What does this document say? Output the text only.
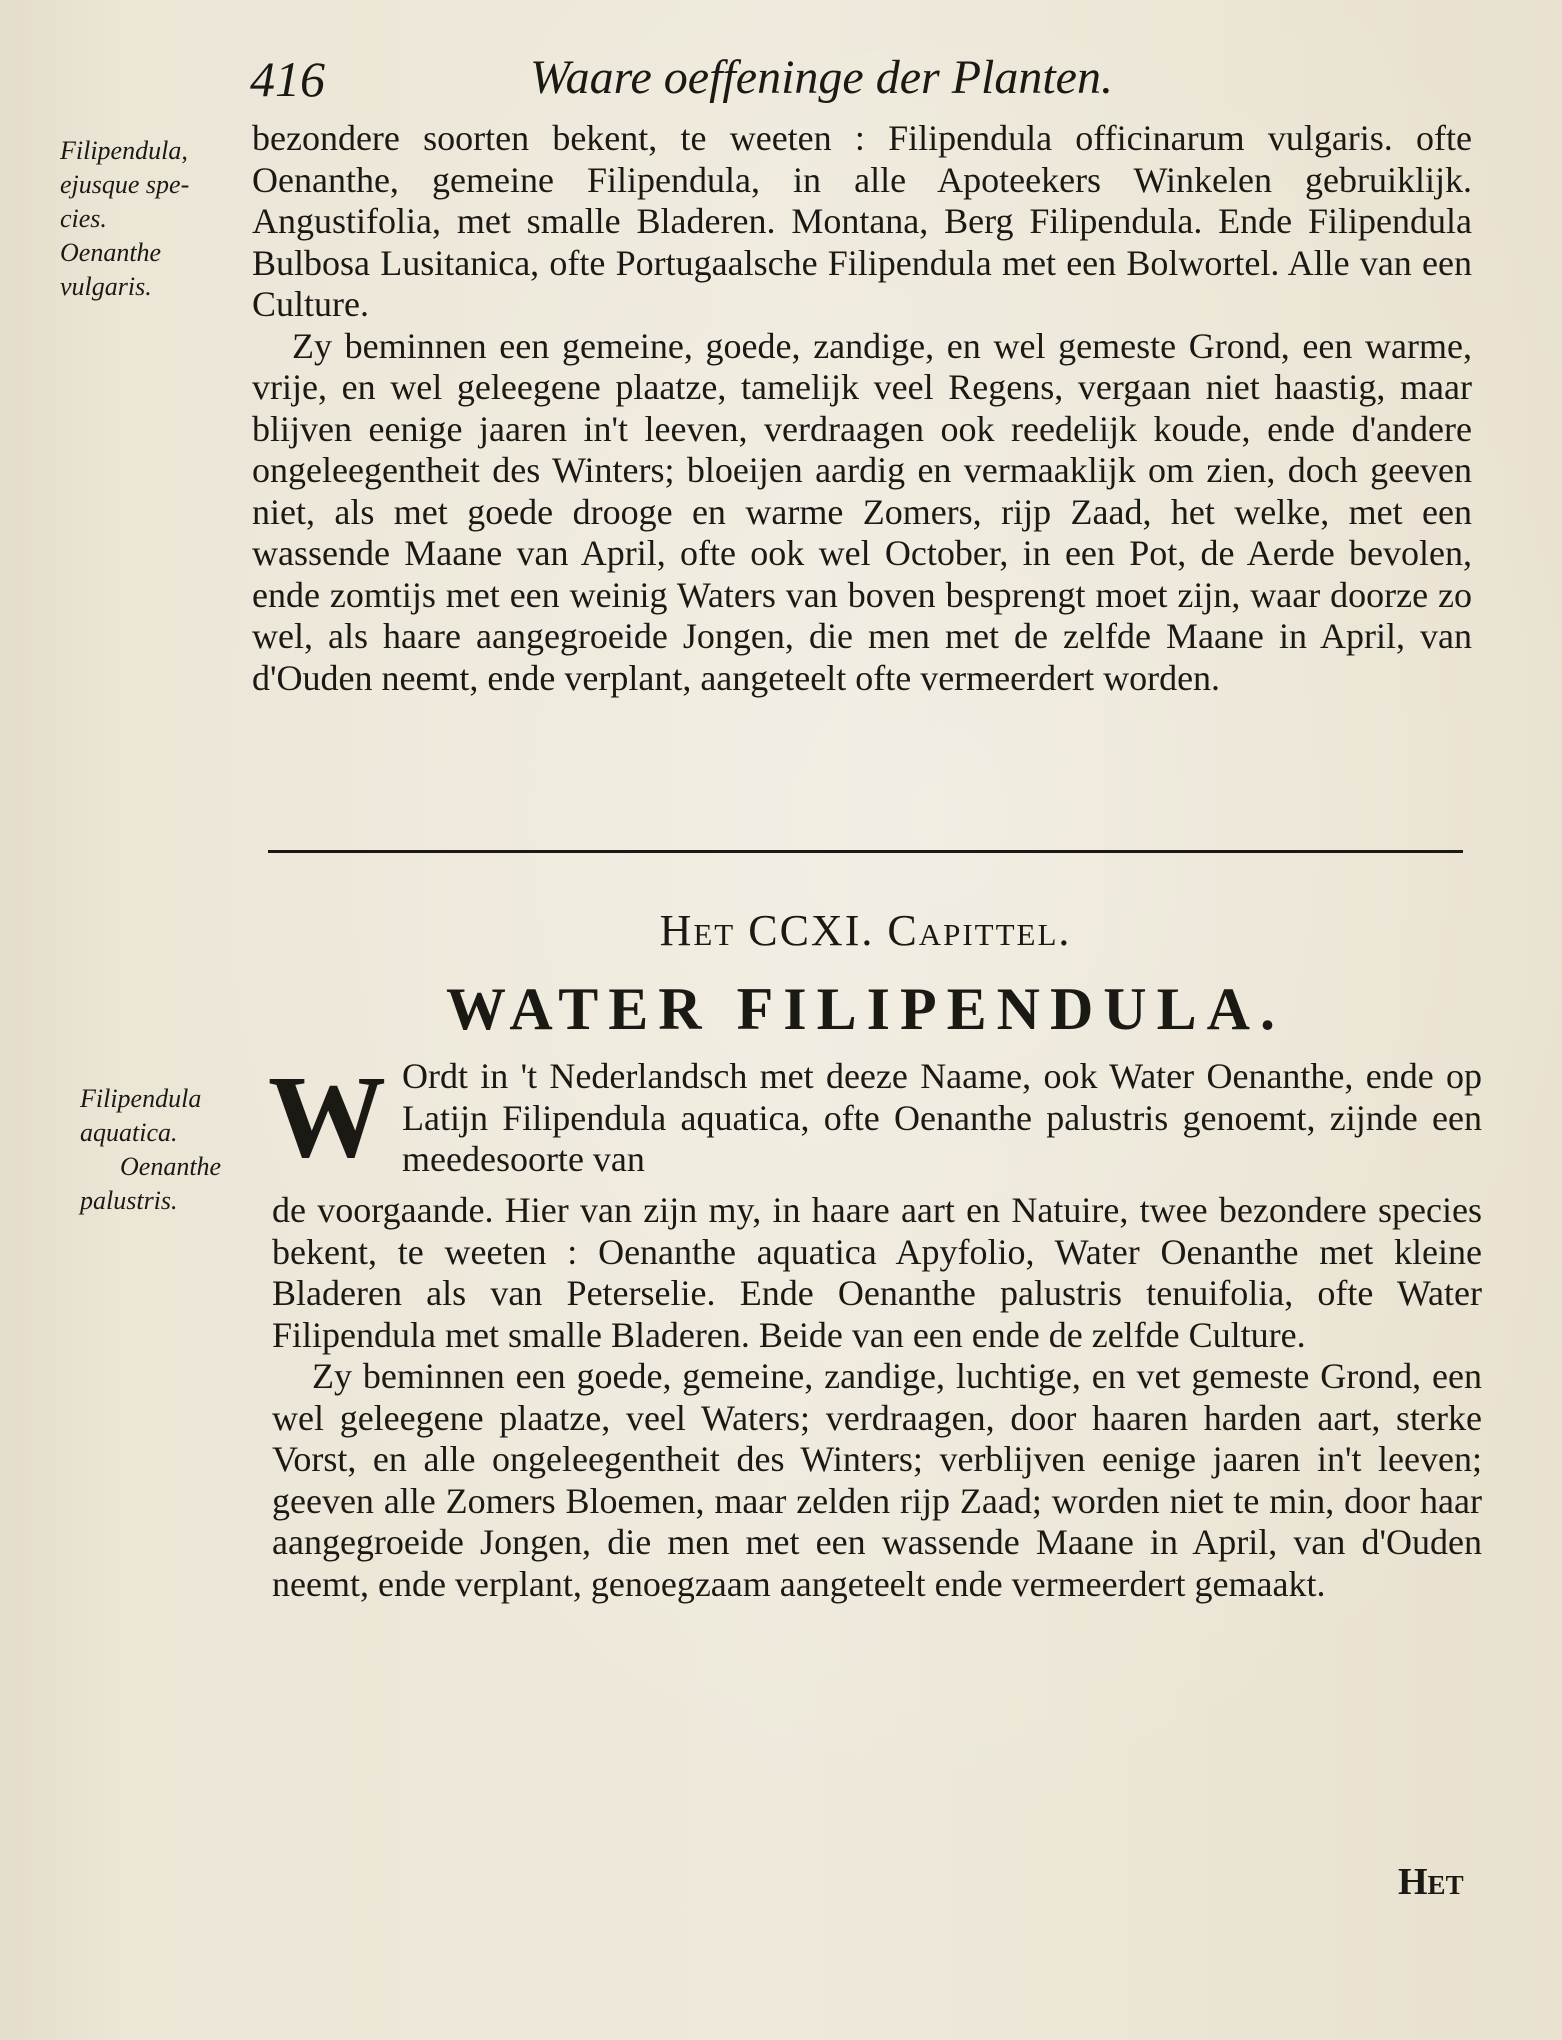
416	Waare oeffeninge der Planten.
Filipendula,
ejusque spe-
cies.
Oenanthe
vulgaris.

bezondere soorten bekent, te weeten : Filipendula officinarum vulgaris. ofte Oenanthe, gemeine Filipendula, in alle Apoteekers Winkelen gebruiklijk. Angustifolia, met smalle Bladeren. Montana, Berg Filipendula. Ende Filipendula Bulbosa Lusitanica, ofte Portugaalsche Filipendula met een Bolwortel. Alle van een Culture.

Zy beminnen een gemeine, goede, zandige, en wel gemeste Grond, een warme, vrije, en wel geleegene plaatze, tamelijk veel Regens, vergaan niet haastig, maar blijven eenige jaaren in't leeven, verdraagen ook reedelijk koude, ende d'andere ongeleegentheit des Winters; bloeijen aardig en vermaaklijk om zien, doch geeven niet, als met goede drooge en warme Zomers, rijp Zaad, het welke, met een wassende Maane van April, ofte ook wel October, in een Pot, de Aerde bevolen, ende zomtijs met een weinig Waters van boven besprengt moet zijn, waar doorze zo wel, als haare aangegroeide Jongen, die men met de zelfde Maane in April, van d'Ouden neemt, ende verplant, aangeteelt ofte vermeerdert worden.

Het CCXI. Capittel.
WATER FILIPENDULA.
Filipendula
aquatica.
Oenanthe
palustris.
W Ordt in 't Nederlandsch met deeze Naame, ook Water Oenanthe, ende op Latijn Filipendula aquatica, ofte Oenanthe palustris genoemt, zijnde een meedesoorte van

de voorgaande. Hier van zijn my, in haare aart en Natuire, twee bezondere species bekent, te weeten : Oenanthe aquatica Apyfolio, Water Oenanthe met kleine Bladeren als van Peterselie. Ende Oenanthe palustris tenuifolia, ofte Water Filipendula met smalle Bladeren. Beide van een ende de zelfde Culture.

Zy beminnen een goede, gemeine, zandige, luchtige, en vet gemeste Grond, een wel geleegene plaatze, veel Waters; verdraagen, door haaren harden aart, sterke Vorst, en alle ongeleegentheit des Winters; verblijven eenige jaaren in't leeven; geeven alle Zomers Bloemen, maar zelden rijp Zaad; worden niet te min, door haar aangegroeide Jongen, die men met een wassende Maane in April, van d'Ouden neemt, ende verplant, genoegzaam aangeteelt ende vermeerdert gemaakt.

Het
